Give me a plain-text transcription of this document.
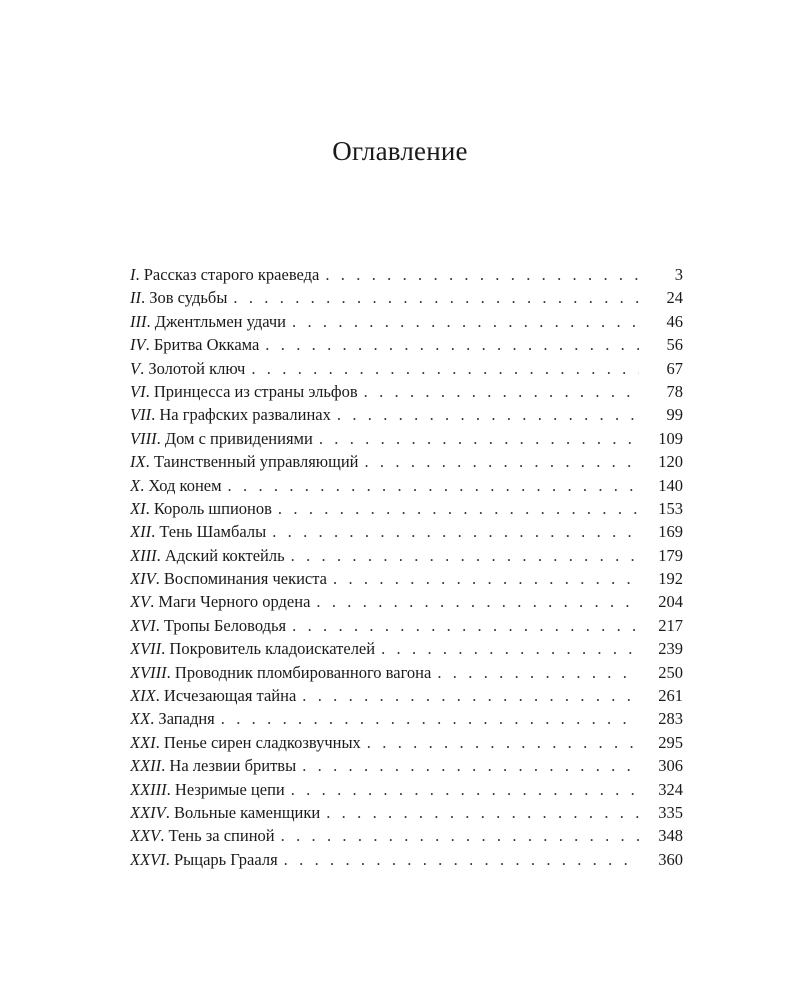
Оглавление
I . Рассказ старого краеведа . . .	3
II . Зов судьбы . . .	24
III . Джентльмен удачи . . .	46
IV . Бритва Оккама . . .	56
V . Золотой ключ . . .	67
VI . Принцесса из страны эльфов . . .	78
VII . На графских развалинах . . .	99
VIII . Дом с привидениями . . .	109
IX . Таинственный управляющий . . .	120
X . Ход конем . . .	140
XI . Король шпионов . . .	153
XII . Тень Шамбалы . . .	169
XIII . Адский коктейль . . .	179
XIV . Воспоминания чекиста . . .	192
XV . Маги Черного ордена . . .	204
XVI . Тропы Беловодья . . .	217
XVII . Покровитель кладоискателей . . .	239
XVIII . Проводник пломбированного вагона . . .	250
XIX . Исчезающая тайна . . .	261
XX . Западня . . .	283
XXI . Пенье сирен сладкозвучных . . .	295
XXII . На лезвии бритвы . . .	306
XXIII . Незримые цепи . . .	324
XXIV . Вольные каменщики . . .	335
XXV . Тень за спиной . . .	348
XXVI . Рыцарь Грааля . . .	360
